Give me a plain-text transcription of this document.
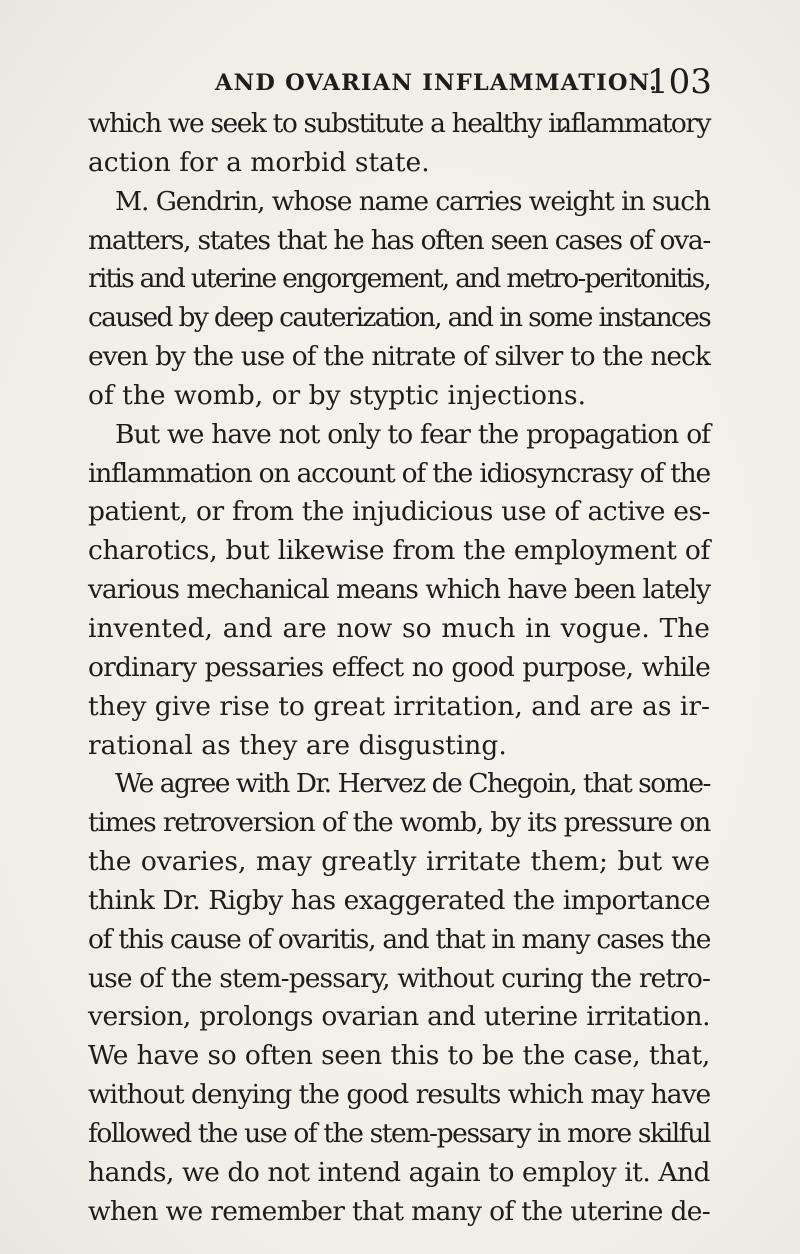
AND OVARIAN INFLAMMATION.
103
which we seek to substitute a healthy inflammatory
action for a morbid state.
M. Gendrin, whose name carries weight in such
matters, states that he has often seen cases of ova-
ritis and uterine engorgement, and metro-peritonitis,
caused by deep cauterization, and in some instances
even by the use of the nitrate of silver to the neck
of the womb, or by styptic injections.
But we have not only to fear the propagation of
inflammation on account of the idiosyncrasy of the
patient, or from the injudicious use of active es-
charotics, but likewise from the employment of
various mechanical means which have been lately
invented, and are now so much in vogue. The
ordinary pessaries effect no good purpose, while
they give rise to great irritation, and are as ir-
rational as they are disgusting.
We agree with Dr. Hervez de Chegoin, that some-
times retroversion of the womb, by its pressure on
the ovaries, may greatly irritate them; but we
think Dr. Rigby has exaggerated the importance
of this cause of ovaritis, and that in many cases the
use of the stem-pessary, without curing the retro-
version, prolongs ovarian and uterine irritation.
We have so often seen this to be the case, that,
without denying the good results which may have
followed the use of the stem-pessary in more skilful
hands, we do not intend again to employ it. And
when we remember that many of the uterine de-
